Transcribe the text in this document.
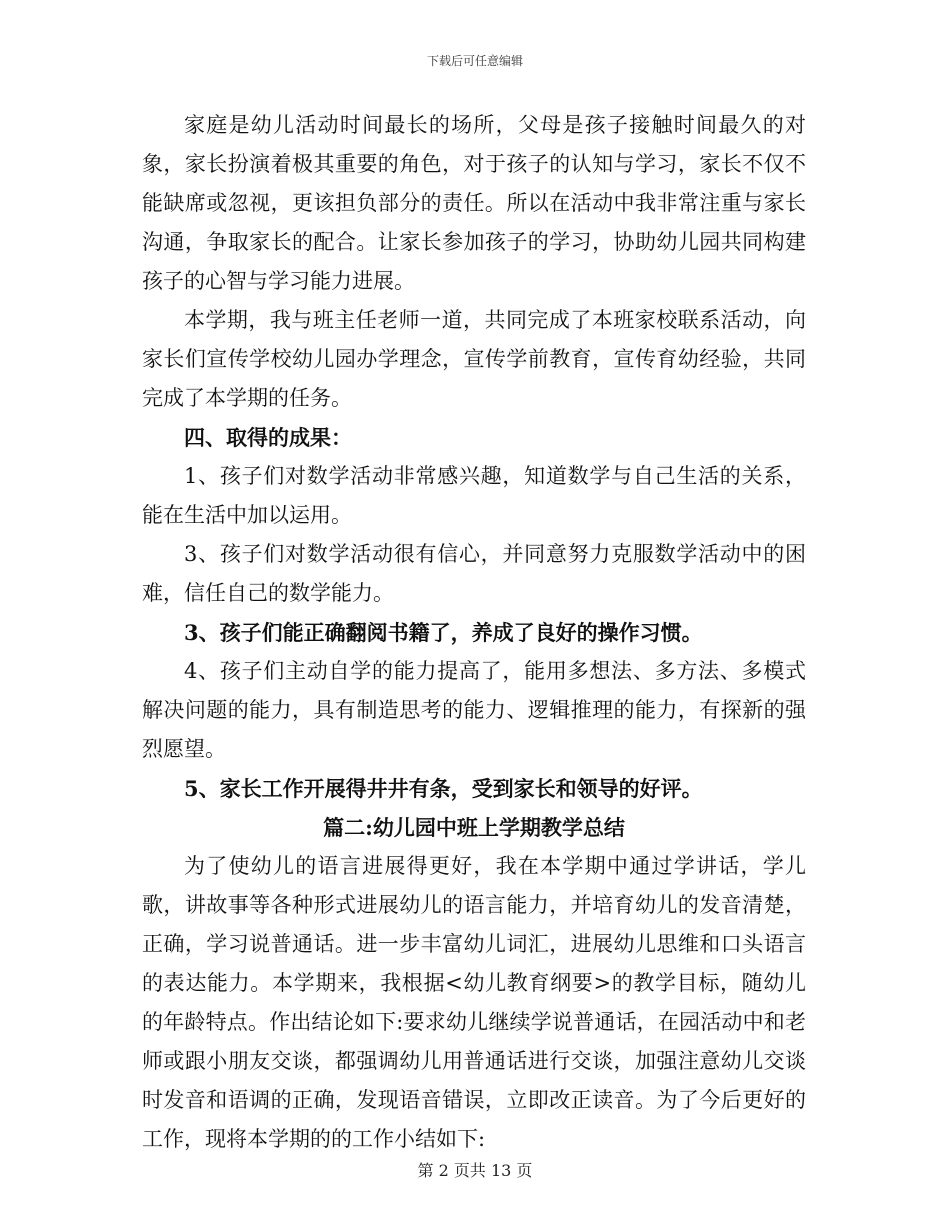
下载后可任意编辑

家庭是幼儿活动时间最长的场所，父母是孩子接触时间最久的对象，家长扮演着极其重要的角色，对于孩子的认知与学习，家长不仅不能缺席或忽视，更该担负部分的责任。所以在活动中我非常注重与家长沟通，争取家长的配合。让家长参加孩子的学习，协助幼儿园共同构建孩子的心智与学习能力进展。

本学期，我与班主任老师一道，共同完成了本班家校联系活动，向家长们宣传学校幼儿园办学理念，宣传学前教育，宣传育幼经验，共同完成了本学期的任务。

四、取得的成果：

1、孩子们对数学活动非常感兴趣，知道数学与自己生活的关系，能在生活中加以运用。

3、孩子们对数学活动很有信心，并同意努力克服数学活动中的困难，信任自己的数学能力。

3、孩子们能正确翻阅书籍了，养成了良好的操作习惯。

4、孩子们主动自学的能力提高了，能用多想法、多方法、多模式解决问题的能力，具有制造思考的能力、逻辑推理的能力，有探新的强烈愿望。

5、家长工作开展得井井有条，受到家长和领导的好评。

篇二:幼儿园中班上学期教学总结

为了使幼儿的语言进展得更好，我在本学期中通过学讲话，学儿歌，讲故事等各种形式进展幼儿的语言能力，并培育幼儿的发音清楚，正确，学习说普通话。进一步丰富幼儿词汇，进展幼儿思维和口头语言的表达能力。本学期来，我根据<幼儿教育纲要>的教学目标，随幼儿的年龄特点。作出结论如下:要求幼儿继续学说普通话，在园活动中和老师或跟小朋友交谈，都强调幼儿用普通话进行交谈，加强注意幼儿交谈时发音和语调的正确，发现语音错误，立即改正读音。为了今后更好的工作，现将本学期的的工作小结如下:

第 2 页共 13 页
